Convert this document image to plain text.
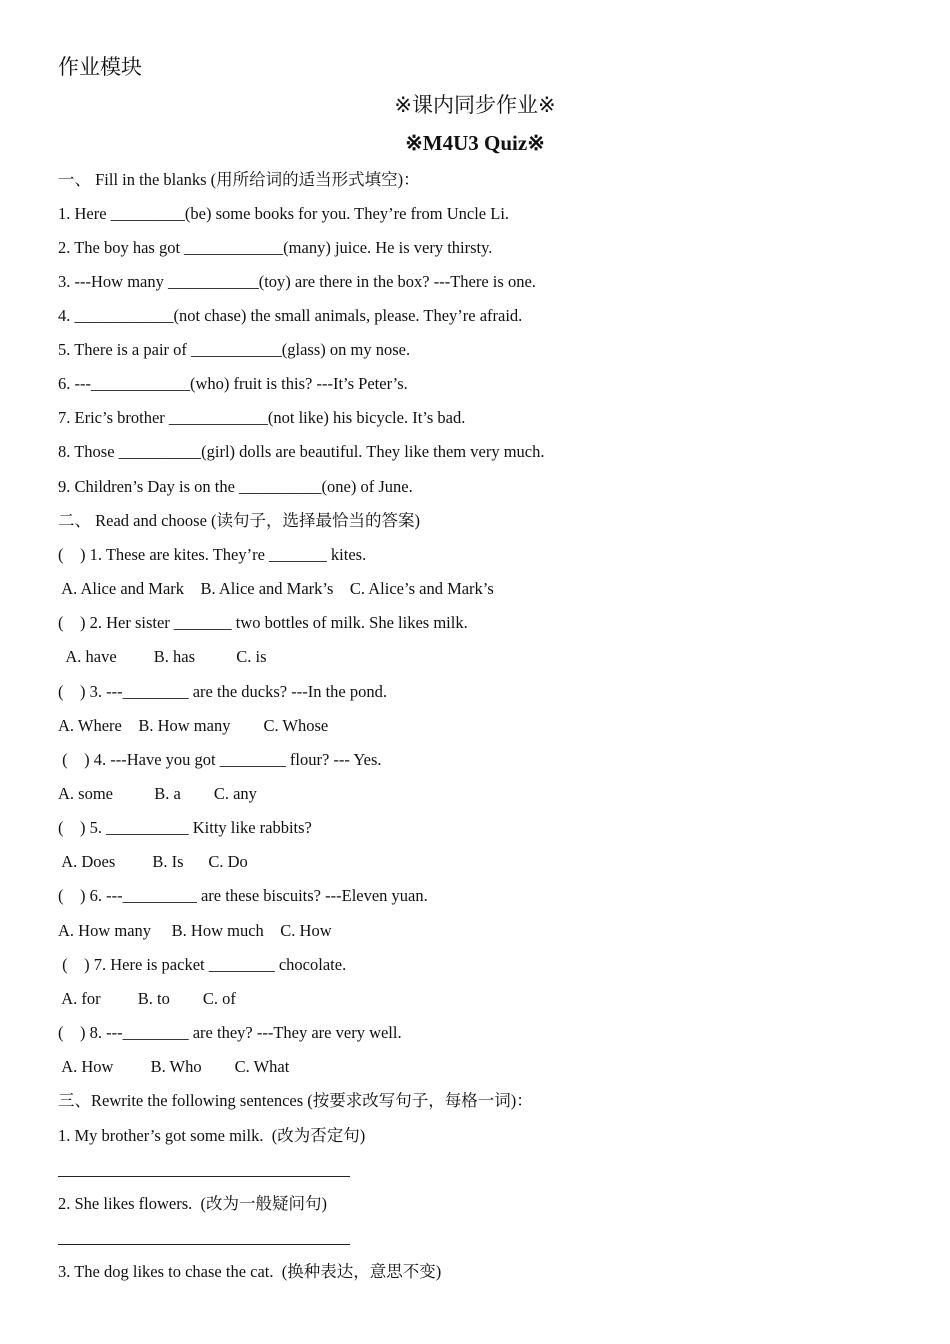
作业模块

※课内同步作业※

※M4U3 Quiz※

一、 Fill in the blanks (用所给词的适当形式填空)：

1. Here _________(be) some books for you. They’re from Uncle Li.

2. The boy has got ____________(many) juice. He is very thirsty.

3. ---How many ___________(toy) are there in the box? ---There is one.

4. ____________(not chase) the small animals, please. They’re afraid.

5. There is a pair of ___________(glass) on my nose.

6. ---____________(who) fruit is this? ---It’s Peter’s.

7. Eric’s brother ____________(not like) his bicycle. It’s bad.

8. Those __________(girl) dolls are beautiful. They like them very much.

9. Children’s Day is on the __________(one) of June.

二、 Read and choose (读句子，选择最恰当的答案)

(    ) 1. These are kites. They’re _______ kites.

A. Alice and Mark    B. Alice and Mark’s    C. Alice’s and Mark’s

(    ) 2. Her sister _______ two bottles of milk. She likes milk.

A. have         B. has          C. is

(    ) 3. ---________ are the ducks? ---In the pond.

A. Where    B. How many        C. Whose

(    ) 4. ---Have you got ________ flour? --- Yes.

A. some          B. a        C. any

(    ) 5. __________ Kitty like rabbits?

A. Does         B. Is      C. Do

(    ) 6. ---_________ are these biscuits? ---Eleven yuan.

A. How many     B. How much    C. How

(    ) 7. Here is packet ________ chocolate.

A. for         B. to        C. of

(    ) 8. ---________ are they? ---They are very well.

A. How         B. Who        C. What

三、Rewrite the following sentences (按要求改写句子，每格一词)：

1. My brother’s got some milk.  (改为否定句)

2. She likes flowers.  (改为一般疑问句)

3. The dog likes to chase the cat.  (换种表达，意思不变)
